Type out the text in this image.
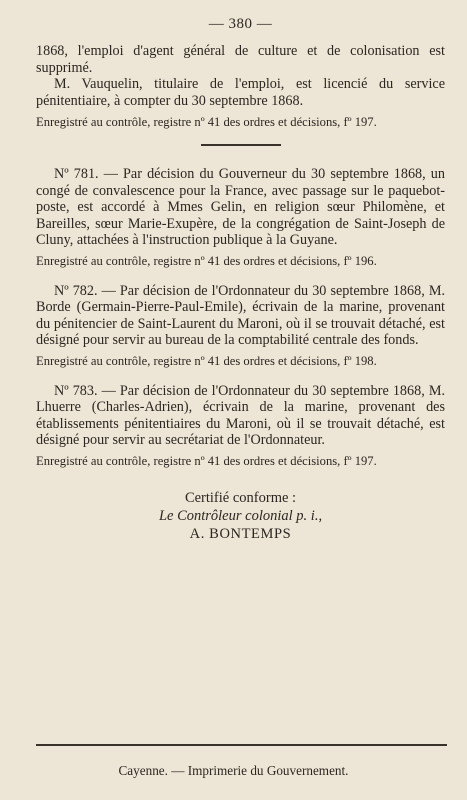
— 380 —

1868, l'emploi d'agent général de culture et de colonisation est supprimé.

M. Vauquelin, titulaire de l'emploi, est licencié du service pénitentiaire, à compter du 30 septembre 1868.

Enregistré au contrôle, registre nº 41 des ordres et décisions, fº 197.

Nº 781. — Par décision du Gouverneur du 30 septembre 1868, un congé de convalescence pour la France, avec passage sur le paquebot-poste, est accordé à Mmes Gelin, en religion sœur Philomène, et Bareilles, sœur Marie-Exupère, de la congrégation de Saint-Joseph de Cluny, attachées à l'instruction publique à la Guyane.

Enregistré au contrôle, registre nº 41 des ordres et décisions, fº 196.

Nº 782. — Par décision de l'Ordonnateur du 30 septembre 1868, M. Borde (Germain-Pierre-Paul-Emile), écrivain de la marine, provenant du pénitencier de Saint-Laurent du Maroni, où il se trouvait détaché, est désigné pour servir au bureau de la comptabilité centrale des fonds.

Enregistré au contrôle, registre nº 41 des ordres et décisions, fº 198.

Nº 783. — Par décision de l'Ordonnateur du 30 septembre 1868, M. Lhuerre (Charles-Adrien), écrivain de la marine, provenant des établissements pénitentiaires du Maroni, où il se trouvait détaché, est désigné pour servir au secrétariat de l'Ordonnateur.

Enregistré au contrôle, registre nº 41 des ordres et décisions, fº 197.

Certifié conforme :
Le Contrôleur colonial p. i.,
A. BONTEMPS
Cayenne. — Imprimerie du Gouvernement.
